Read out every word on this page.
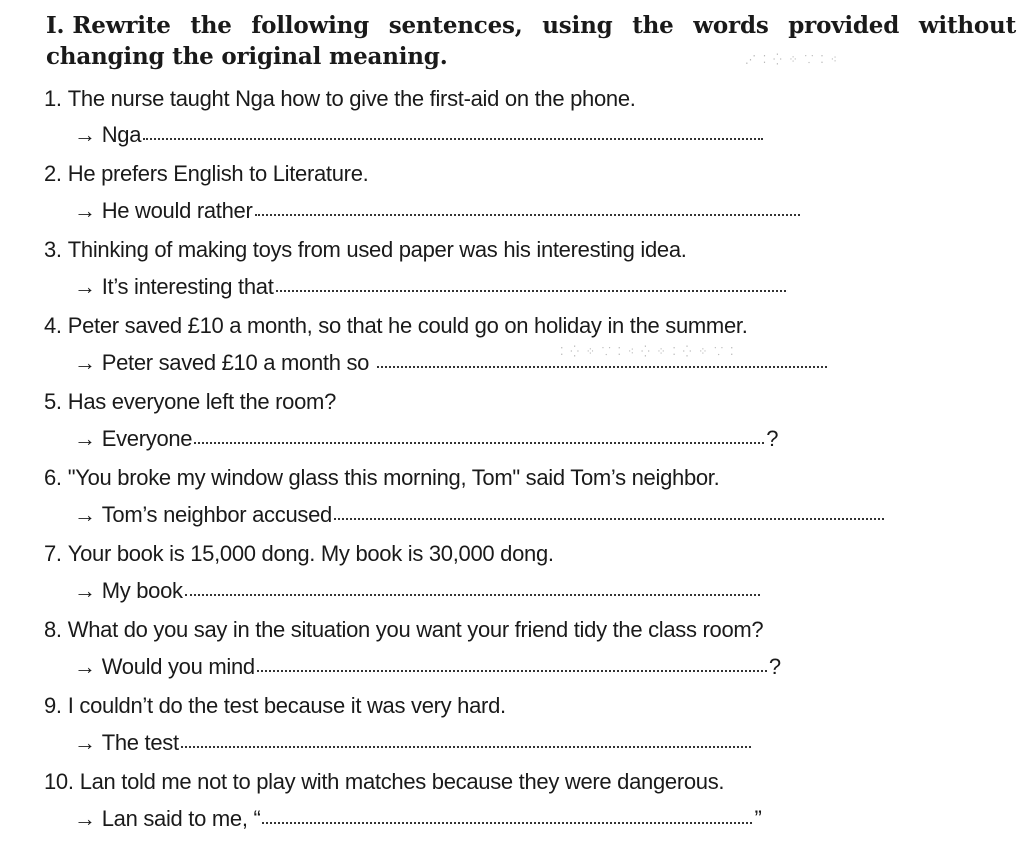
I. Rewrite the following sentences, using the words provided without changing the original meaning.	⋰ ⁚ ⁛ ⁘ ⸪ ⁚ ⁖
⁚ ⁛ ⁘ ⸪ ⁚ ⁖ ⁛ ⁘ ⁚ ⁛ ⁘ ⸪ ⁚
1. The nurse taught Nga how to give the first-aid on the phone.
→ Nga
2. He prefers English to Literature.
→ He would rather
3. Thinking of making toys from used paper was his interesting idea.
→ It’s interesting that
4. Peter saved £10 a month, so that he could go on holiday in the summer.
→ Peter saved £10 a month so
5. Has everyone left the room?
→ Everyone	?
6. "You broke my window glass this morning, Tom" said Tom’s neighbor.
→ Tom’s neighbor accused
7. Your book is 15,000 dong. My book is 30,000 dong.
→ My book
8. What do you say in the situation you want your friend tidy the class room?
→ Would you mind	?
9. I couldn’t do the test because it was very hard.
→ The test
10. Lan told me not to play with matches because they were dangerous.
→ Lan said to me, “	”
